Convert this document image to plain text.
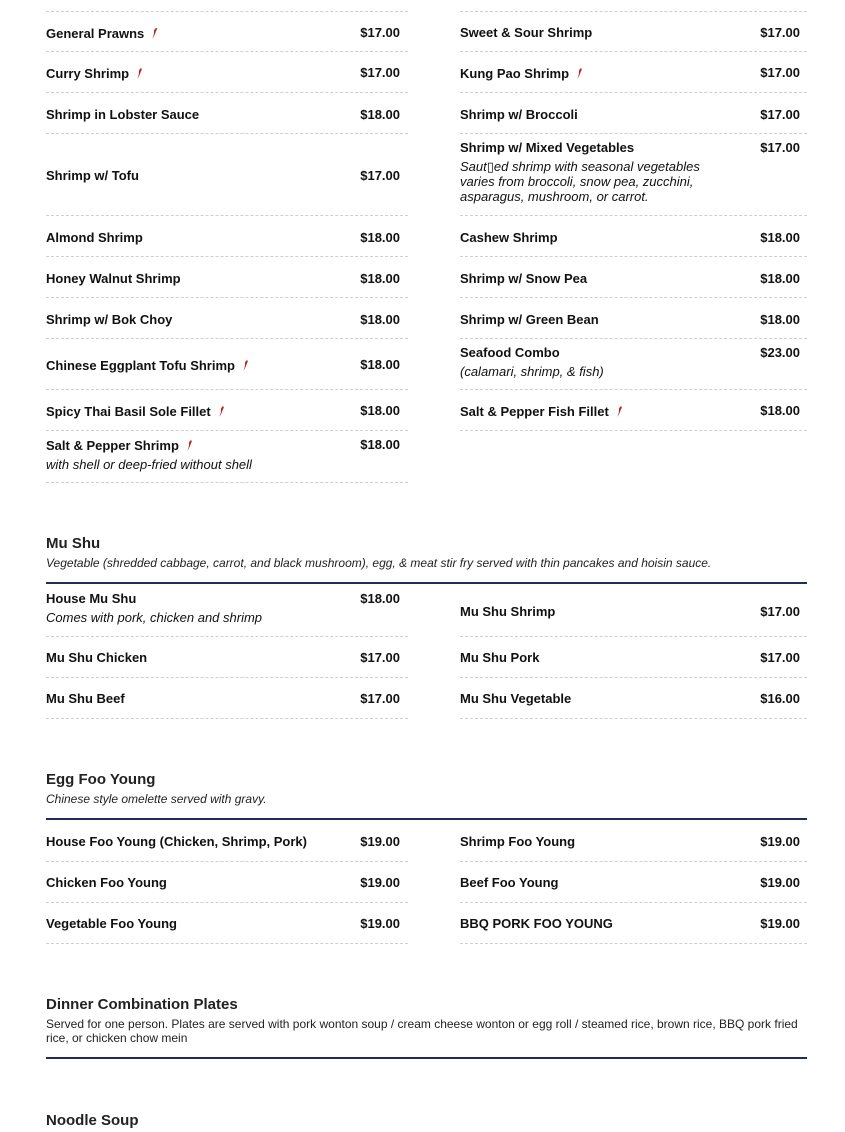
General Prawns	$17.00
Curry Shrimp	$17.00
Shrimp in Lobster Sauce	$18.00
Shrimp w/ Tofu	$17.00
Almond Shrimp	$18.00
Honey Walnut Shrimp	$18.00
Shrimp w/ Bok Choy	$18.00
Chinese Eggplant Tofu Shrimp	$18.00
Spicy Thai Basil Sole Fillet	$18.00
Salt & Pepper Shrimp	$18.00
with shell or deep-fried without shell
Sweet & Sour Shrimp	$17.00
Kung Pao Shrimp	$17.00
Shrimp w/ Broccoli	$17.00
Shrimp w/ Mixed Vegetables	$17.00
Saut▯ed shrimp with seasonal vegetables varies from broccoli, snow pea, zucchini, asparagus, mushroom, or carrot.
Cashew Shrimp	$18.00
Shrimp w/ Snow Pea	$18.00
Shrimp w/ Green Bean	$18.00
Seafood Combo	$23.00
(calamari, shrimp, & fish)
Salt & Pepper Fish Fillet	$18.00
Mu Shu
Vegetable (shredded cabbage, carrot, and black mushroom), egg, & meat stir fry served with thin pancakes and hoisin sauce.
House Mu Shu	$18.00
Comes with pork, chicken and shrimp
Mu Shu Chicken	$17.00
Mu Shu Beef	$17.00
Mu Shu Shrimp	$17.00
Mu Shu Pork	$17.00
Mu Shu Vegetable	$16.00
Egg Foo Young
Chinese style omelette served with gravy.
House Foo Young (Chicken, Shrimp, Pork)	$19.00
Chicken Foo Young	$19.00
Vegetable Foo Young	$19.00
Shrimp Foo Young	$19.00
Beef Foo Young	$19.00
BBQ PORK FOO YOUNG	$19.00
Dinner Combination Plates
Served for one person. Plates are served with pork wonton soup / cream cheese wonton or egg roll / steamed rice, brown rice, BBQ pork fried rice, or chicken chow mein
Noodle Soup
